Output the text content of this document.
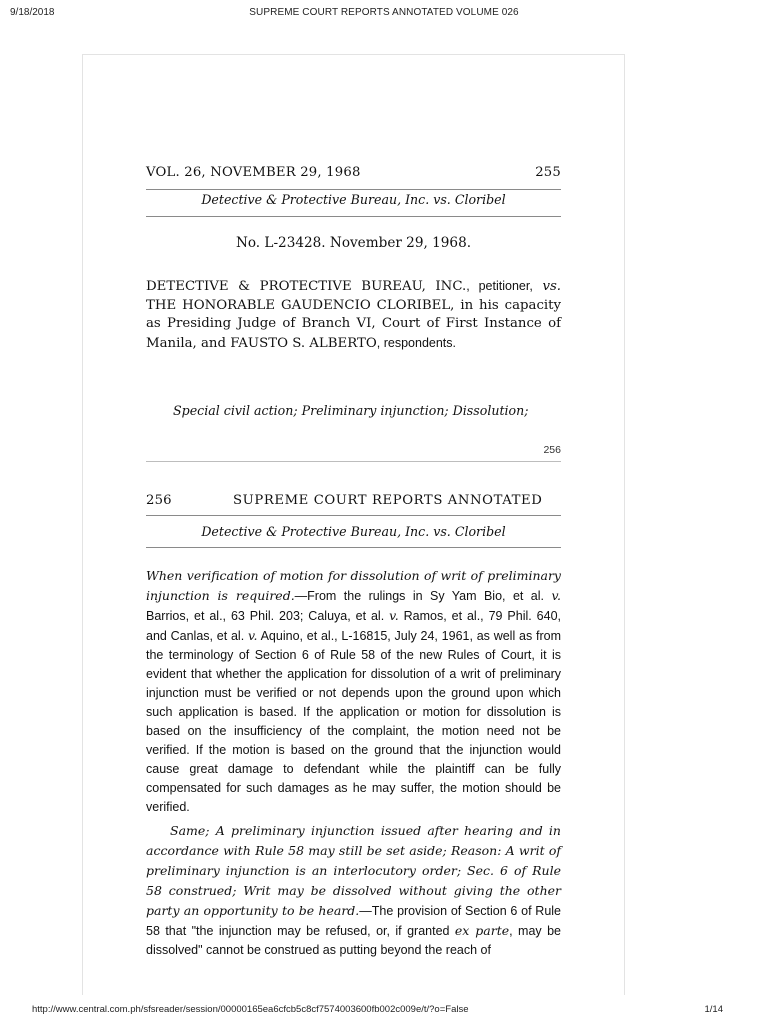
9/18/2018	SUPREME COURT REPORTS ANNOTATED VOLUME 026
VOL. 26, NOVEMBER 29, 1968	255
Detective & Protective Bureau, Inc. vs. Cloribel
No. L-23428. November 29, 1968.
DETECTIVE & PROTECTIVE BUREAU, INC., petitioner, vs. THE HONORABLE GAUDENCIO CLORIBEL, in his capacity as Presiding Judge of Branch VI, Court of First Instance of Manila, and FAUSTO S. ALBERTO, respondents.
Special civil action; Preliminary injunction; Dissolution;
256
256	SUPREME COURT REPORTS ANNOTATED
Detective & Protective Bureau, Inc. vs. Cloribel

When verification of motion for dissolution of writ of preliminary injunction is required.—From the rulings in Sy Yam Bio, et al. v. Barrios, et al., 63 Phil. 203; Caluya, et al. v. Ramos, et al., 79 Phil. 640, and Canlas, et al. v. Aquino, et al., L-16815, July 24, 1961, as well as from the terminology of Section 6 of Rule 58 of the new Rules of Court, it is evident that whether the application for dissolution of a writ of preliminary injunction must be verified or not depends upon the ground upon which such application is based. If the application or motion for dissolution is based on the insufficiency of the complaint, the motion need not be verified. If the motion is based on the ground that the injunction would cause great damage to defendant while the plaintiff can be fully compensated for such damages as he may suffer, the motion should be verified.

Same; A preliminary injunction issued after hearing and in accordance with Rule 58 may still be set aside; Reason: A writ of preliminary injunction is an interlocutory order; Sec. 6 of Rule 58 construed; Writ may be dissolved without giving the other party an opportunity to be heard.—The provision of Section 6 of Rule 58 that "the injunction may be refused, or, if granted ex parte, may be dissolved" cannot be construed as putting beyond the reach of

http://www.central.com.ph/sfsreader/session/00000165ea6cfcb5c8cf7574003600fb002c009e/t/?o=False	1/14
